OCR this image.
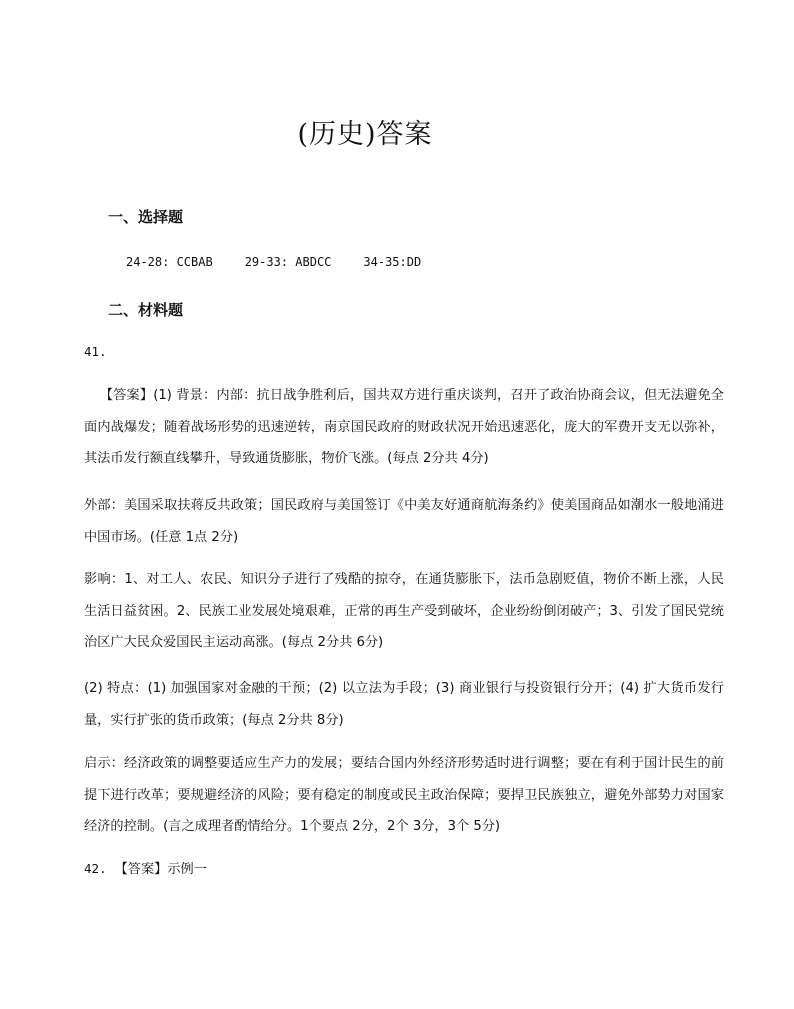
(历史)答案
一、选择题
24-28: CCBAB	29-33: ABDCC	34-35:DD
二、材料题
41.
【答案】(1) 背景：内部：抗日战争胜利后，国共双方进行重庆谈判，召开了政治协商会议，但无法避免全面内战爆发；随着战场形势的迅速逆转，南京国民政府的财政状况开始迅速恶化，庞大的军费开支无以弥补，其法币发行额直线攀升，导致通货膨胀，物价飞涨。(每点 2分共 4分)
外部：美国采取扶蒋反共政策；国民政府与美国签订《中美友好通商航海条约》使美国商品如潮水一般地涌进中国市场。(任意 1点 2分)
影响：1、对工人、农民、知识分子进行了残酷的掠夺，在通货膨胀下，法币急剧贬值，物价不断上涨，人民生活日益贫困。2、民族工业发展处境艰难，正常的再生产受到破坏，企业纷纷倒闭破产；3、引发了国民党统治区广大民众爱国民主运动高涨。(每点 2分共 6分)
(2) 特点：(1) 加强国家对金融的干预；(2) 以立法为手段；(3) 商业银行与投资银行分开；(4) 扩大货币发行量，实行扩张的货币政策；(每点 2分共 8分)
启示：经济政策的调整要适应生产力的发展；要结合国内外经济形势适时进行调整；要在有利于国计民生的前提下进行改革；要规避经济的风险；要有稳定的制度或民主政治保障；要捍卫民族独立，避免外部势力对国家经济的控制。(言之成理者酌情给分。1个要点 2分，2个 3分，3个 5分)
42. 【答案】示例一
